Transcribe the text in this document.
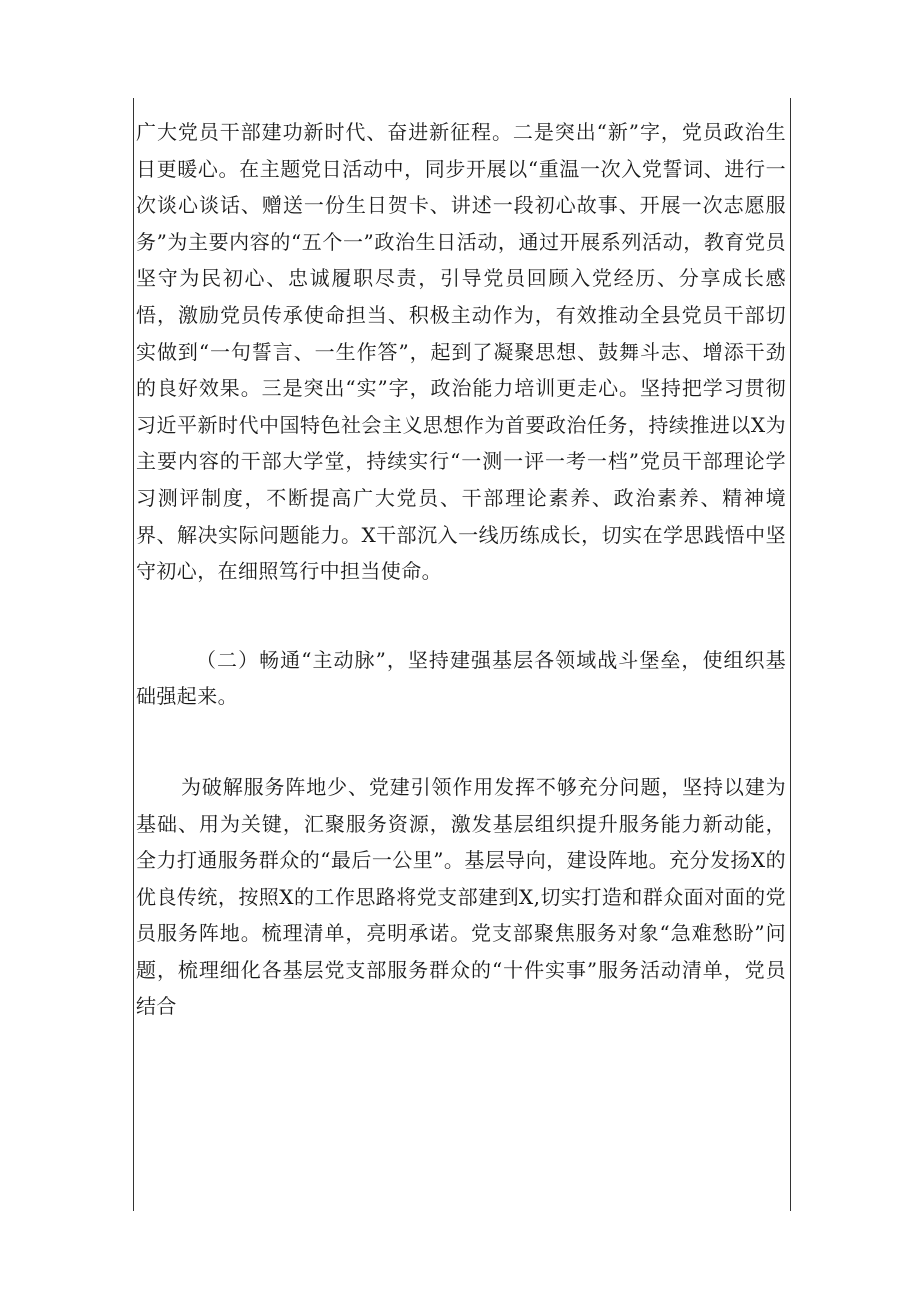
广大党员干部建功新时代、奋进新征程。二是突出“新”字，党员政治生日更暖心。在主题党日活动中，同步开展以“重温一次入党誓词、进行一次谈心谈话、赠送一份生日贺卡、讲述一段初心故事、开展一次志愿服务”为主要内容的“五个一”政治生日活动，通过开展系列活动，教育党员坚守为民初心、忠诚履职尽责，引导党员回顾入党经历、分享成长感悟，激励党员传承使命担当、积极主动作为，有效推动全县党员干部切实做到“一句誓言、一生作答”，起到了凝聚思想、鼓舞斗志、增添干劲的良好效果。三是突出“实”字，政治能力培训更走心。坚持把学习贯彻习近平新时代中国特色社会主义思想作为首要政治任务，持续推进以X为主要内容的干部大学堂，持续实行“一测一评一考一档”党员干部理论学习测评制度，不断提高广大党员、干部理论素养、政治素养、精神境界、解决实际问题能力。X干部沉入一线历练成长，切实在学思践悟中坚守初心，在细照笃行中担当使命。

（二）畅通“主动脉”，坚持建强基层各领域战斗堡垒，使组织基础强起来。

为破解服务阵地少、党建引领作用发挥不够充分问题，坚持以建为基础、用为关键，汇聚服务资源，激发基层组织提升服务能力新动能，全力打通服务群众的“最后一公里”。基层导向，建设阵地。充分发扬X的优良传统，按照X的工作思路将党支部建到X,切实打造和群众面对面的党员服务阵地。梳理清单，亮明承诺。党支部聚焦服务对象“急难愁盼”问题，梳理细化各基层党支部服务群众的“十件实事”服务活动清单，党员结合
